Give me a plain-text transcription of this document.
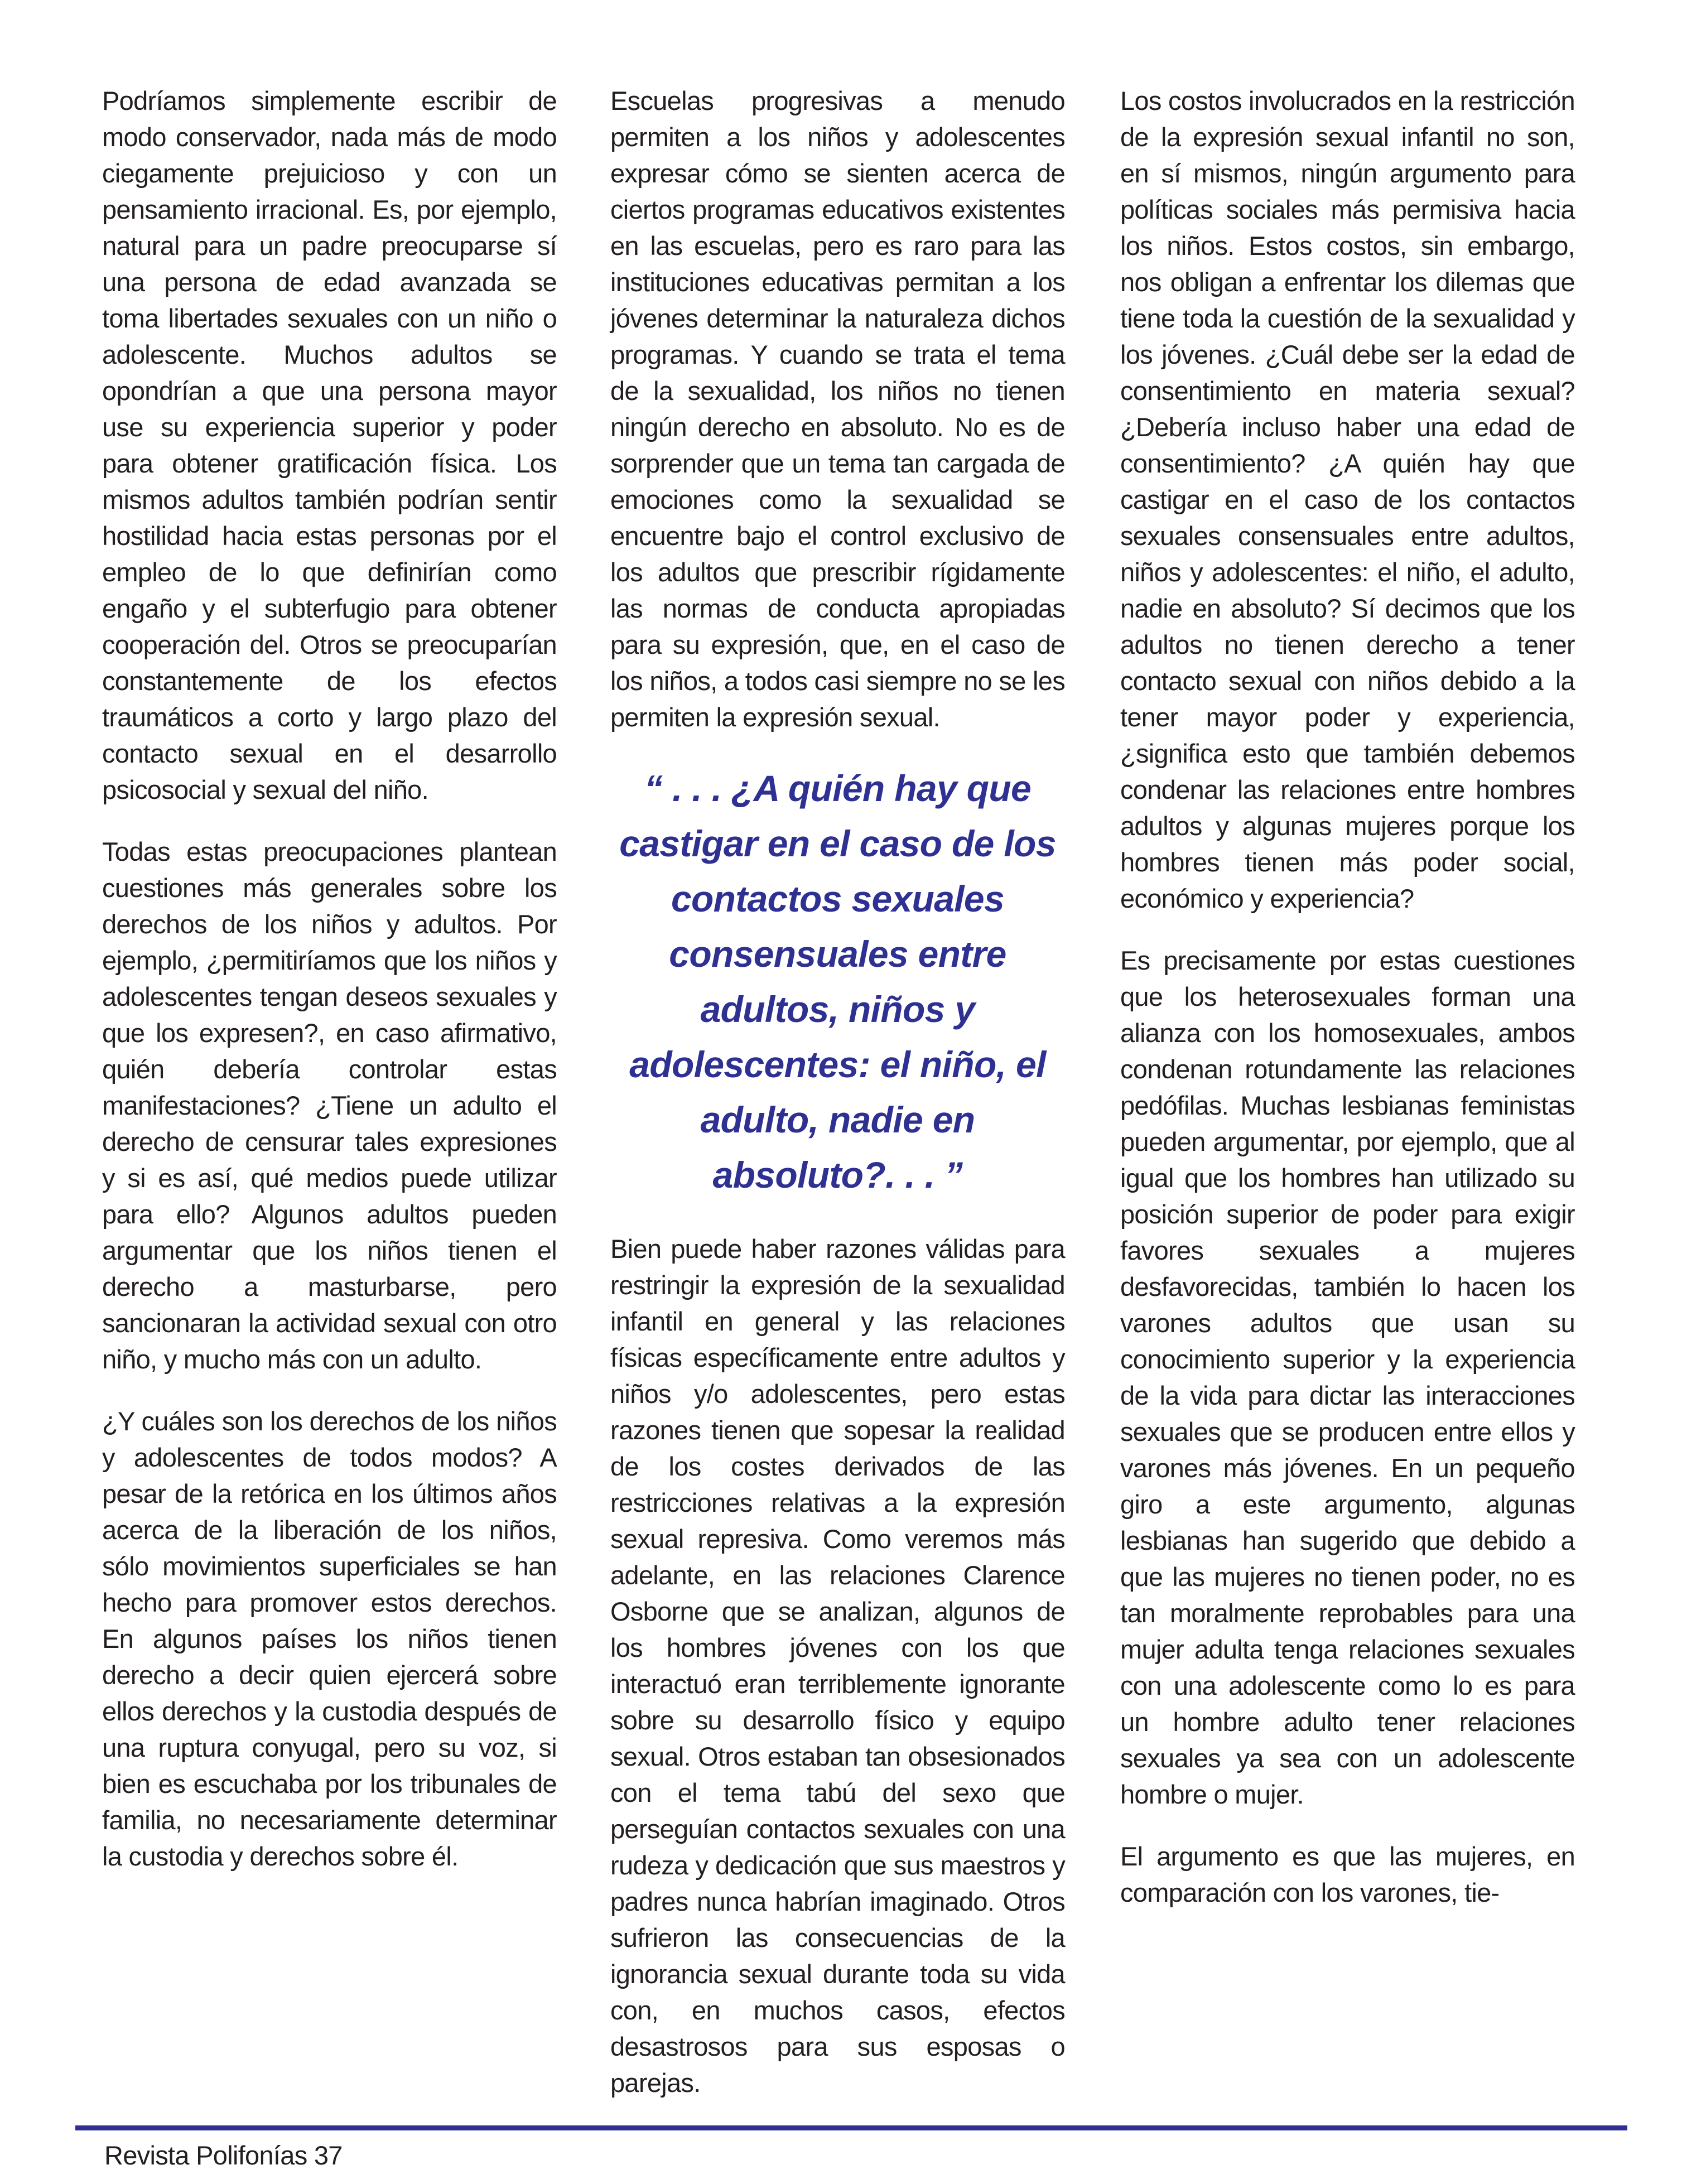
Podríamos simplemente escribir de modo conservador, nada más de modo ciegamente prejuicioso y con un pensamiento irracional. Es, por ejemplo, natural para un padre preocuparse sí una persona de edad avanzada se toma libertades sexuales con un niño o adolescente. Muchos adultos se opondrían a que una persona mayor use su experiencia superior y poder para obtener gratificación física. Los mismos adultos también podrían sentir hostilidad hacia estas personas por el empleo de lo que definirían como engaño y el subterfugio para obtener cooperación del. Otros se preocuparían constantemente de los efectos traumáticos a corto y largo plazo del contacto sexual en el desarrollo psicosocial y sexual del niño.

Todas estas preocupaciones plantean cuestiones más generales sobre los derechos de los niños y adultos. Por ejemplo, ¿permitiríamos que los niños y adolescentes tengan deseos sexuales y que los expresen?, en caso afirmativo, quién debería controlar estas manifestaciones? ¿Tiene un adulto el derecho de censurar tales expresiones y si es así, qué medios puede utilizar para ello? Algunos adultos pueden argumentar que los niños tienen el derecho a masturbarse, pero sancionaran la actividad sexual con otro niño, y mucho más con un adulto.

¿Y cuáles son los derechos de los niños y adolescentes de todos modos? A pesar de la retórica en los últimos años acerca de la liberación de los niños, sólo movimientos superficiales se han hecho para promover estos derechos. En algunos países los niños tienen derecho a decir quien ejercerá sobre ellos derechos y la custodia después de una ruptura conyugal, pero su voz, si bien es escuchaba por los tribunales de familia, no necesariamente determinar la custodia y derechos sobre él.

Escuelas progresivas a menudo permiten a los niños y adolescentes expresar cómo se sienten acerca de ciertos programas educativos existentes en las escuelas, pero es raro para las instituciones educativas permitan a los jóvenes determinar la naturaleza dichos programas. Y cuando se trata el tema de la sexualidad, los niños no tienen ningún derecho en absoluto. No es de sorprender que un tema tan cargada de emociones como la sexualidad se encuentre bajo el control exclusivo de los adultos que prescribir rígidamente las normas de conducta apropiadas para su expresión, que, en el caso de los niños, a todos casi siempre no se les permiten la expresión sexual.

“ . . . ¿A quién hay que castigar en el caso de los contactos sexuales consensuales entre adultos, niños y adolescentes: el niño, el adulto, nadie en absoluto?. . . ”

Bien puede haber razones válidas para restringir la expresión de la sexualidad infantil en general y las relaciones físicas específicamente entre adultos y niños y/o adolescentes, pero estas razones tienen que sopesar la realidad de los costes derivados de las restricciones relativas a la expresión sexual represiva. Como veremos más adelante, en las relaciones Clarence Osborne que se analizan, algunos de los hombres jóvenes con los que interactuó eran terriblemente ignorante sobre su desarrollo físico y equipo sexual. Otros estaban tan obsesionados con el tema tabú del sexo que perseguían contactos sexuales con una rudeza y dedicación que sus maestros y padres nunca habrían imaginado. Otros sufrieron las consecuencias de la ignorancia sexual durante toda su vida con, en muchos casos, efectos desastrosos para sus esposas o parejas.

Los costos involucrados en la restricción de la expresión sexual infantil no son, en sí mismos, ningún argumento para políticas sociales más permisiva hacia los niños. Estos costos, sin embargo, nos obligan a enfrentar los dilemas que tiene toda la cuestión de la sexualidad y los jóvenes. ¿Cuál debe ser la edad de consentimiento en materia sexual? ¿Debería incluso haber una edad de consentimiento? ¿A quién hay que castigar en el caso de los contactos sexuales consensuales entre adultos, niños y adolescentes: el niño, el adulto, nadie en absoluto? Sí decimos que los adultos no tienen derecho a tener contacto sexual con niños debido a la tener mayor poder y experiencia, ¿significa esto que también debemos condenar las relaciones entre hombres adultos y algunas mujeres porque los hombres tienen más poder social, económico y experiencia?

Es precisamente por estas cuestiones que los heterosexuales forman una alianza con los homosexuales, ambos condenan rotundamente las relaciones pedófilas. Muchas lesbianas feministas pueden argumentar, por ejemplo, que al igual que los hombres han utilizado su posición superior de poder para exigir favores sexuales a mujeres desfavorecidas, también lo hacen los varones adultos que usan su conocimiento superior y la experiencia de la vida para dictar las interacciones sexuales que se producen entre ellos y varones más jóvenes. En un pequeño giro a este argumento, algunas lesbianas han sugerido que debido a que las mujeres no tienen poder, no es tan moralmente reprobables para una mujer adulta tenga relaciones sexuales con una adolescente como lo es para un hombre adulto tener relaciones sexuales ya sea con un adolescente hombre o mujer.

El argumento es que las mujeres, en comparación con los varones, tie-

Revista Polifonías 37
